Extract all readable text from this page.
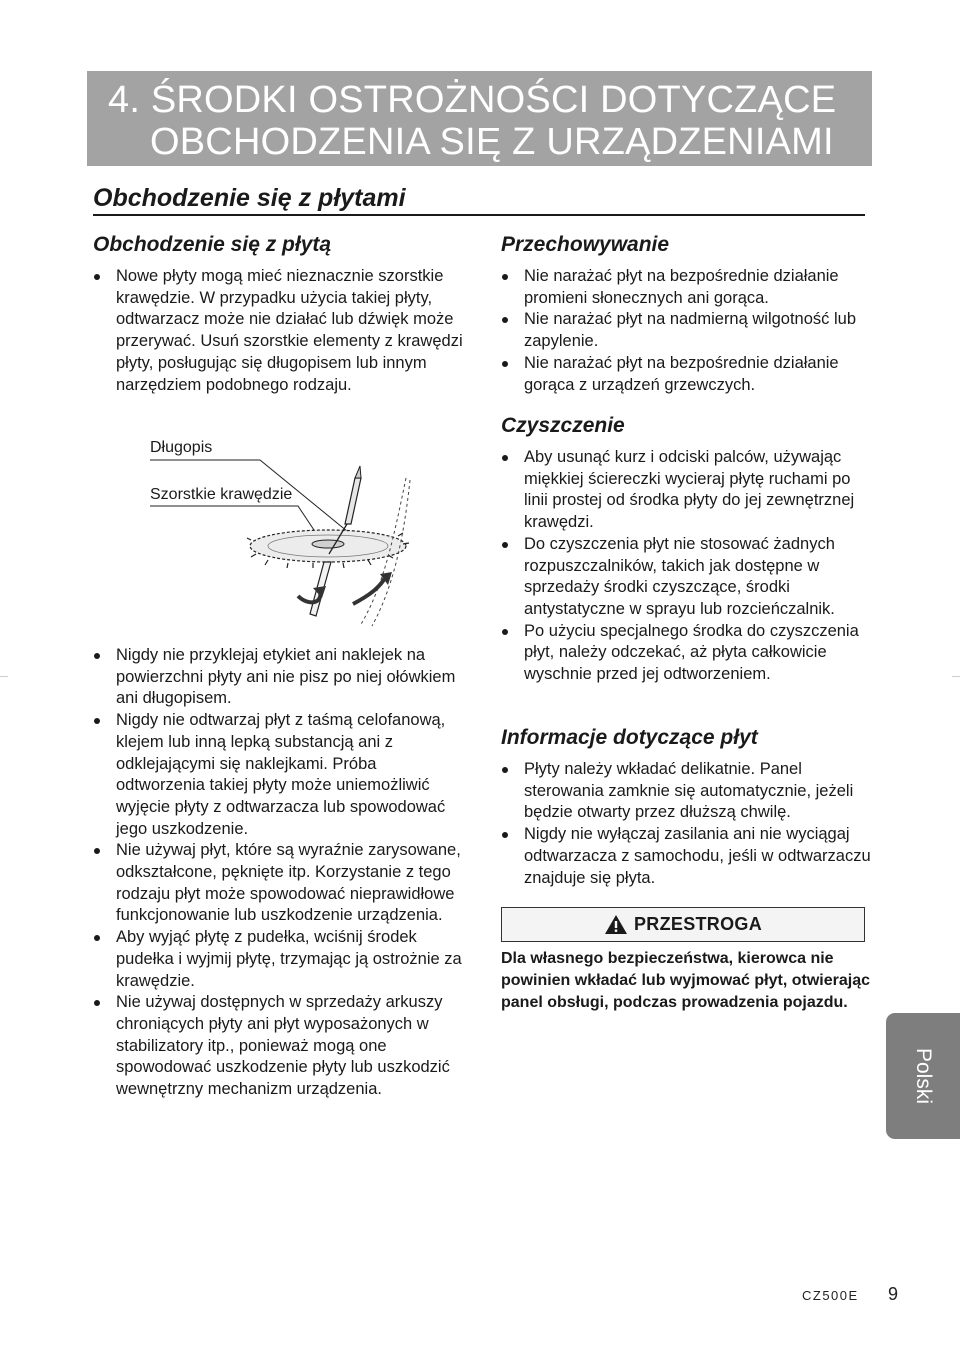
4. ŚRODKI OSTROŻNOŚCI DOTYCZĄCE
OBCHODZENIA SIĘ Z URZĄDZENIAMI
Obchodzenie się z płytami
Obchodzenie się z płytą
Nowe płyty mogą mieć nieznacznie szorstkie krawędzie. W przypadku użycia takiej płyty, odtwarzacz może nie działać lub dźwięk może przerywać. Usuń szorstkie elementy z krawędzi płyty, posługując się długopisem lub innym narzędziem podobnego rodzaju.
Długopis
Szorstkie krawędzie
Nigdy nie przyklejaj etykiet ani naklejek na powierzchni płyty ani nie pisz po niej ołówkiem ani długopisem.
Nigdy nie odtwarzaj płyt z taśmą celofanową, klejem lub inną lepką substancją ani z odklejającymi się naklejkami. Próba odtworzenia takiej płyty może uniemożliwić wyjęcie płyty z odtwarzacza lub spowodować jego uszkodzenie.
Nie używaj płyt, które są wyraźnie zarysowane, odkształcone, pęknięte itp. Korzystanie z tego rodzaju płyt może spowodować nieprawidłowe funkcjonowanie lub uszkodzenie urządzenia.
Aby wyjąć płytę z pudełka, wciśnij środek pudełka i wyjmij płytę, trzymając ją ostrożnie za krawędzie.
Nie używaj dostępnych w sprzedaży arkuszy chroniących płyty ani płyt wyposażonych w stabilizatory itp., ponieważ mogą one spowodować uszkodzenie płyty lub uszkodzić wewnętrzny mechanizm urządzenia.
Przechowywanie
Nie narażać płyt na bezpośrednie działanie promieni słonecznych ani gorąca.
Nie narażać płyt na nadmierną wilgotność lub zapylenie.
Nie narażać płyt na bezpośrednie działanie gorąca z urządzeń grzewczych.
Czyszczenie
Aby usunąć kurz i odciski palców, używając miękkiej ściereczki wycieraj płytę ruchami po linii prostej od środka płyty do jej zewnętrznej krawędzi.
Do czyszczenia płyt nie stosować żadnych rozpuszczalników, takich jak dostępne w sprzedaży środki czyszczące, środki antystatyczne w sprayu lub rozcieńczalnik.
Po użyciu specjalnego środka do czyszczenia płyt, należy odczekać, aż płyta całkowicie wyschnie przed jej odtworzeniem.
Informacje dotyczące płyt
Płyty należy wkładać delikatnie. Panel sterowania zamknie się automatycznie, jeżeli będzie otwarty przez dłuższą chwilę.
Nigdy nie wyłączaj zasilania ani nie wyciągaj odtwarzacza z samochodu, jeśli w odtwarzaczu znajduje się płyta.
PRZESTROGA
Dla własnego bezpieczeństwa, kierowca nie powinien wkładać lub wyjmować płyt, otwierając panel obsługi, podczas prowadzenia pojazdu.
Polski
CZ500E 9
